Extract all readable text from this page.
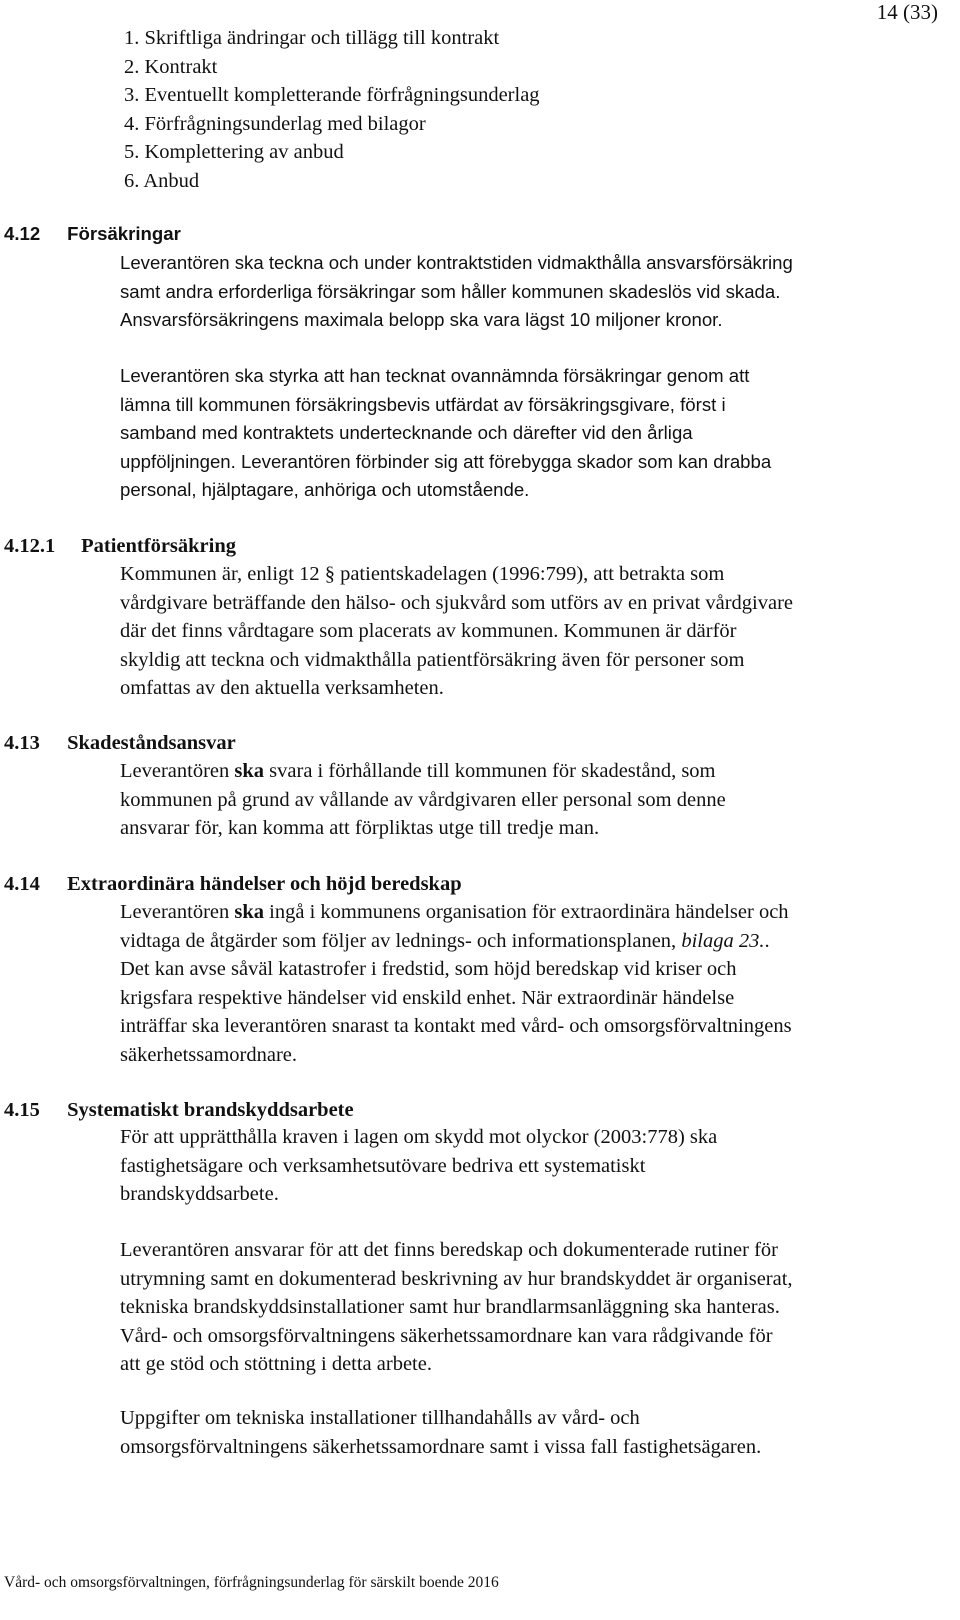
14 (33)
1. Skriftliga ändringar och tillägg till kontrakt
2. Kontrakt
3. Eventuellt kompletterande förfrågningsunderlag
4. Förfrågningsunderlag med bilagor
5. Komplettering av anbud
6. Anbud
4.12 Försäkringar
Leverantören ska teckna och under kontraktstiden vidmakthålla ansvarsförsäkring
samt andra erforderliga försäkringar som håller kommunen skadeslös vid skada.
Ansvarsförsäkringens maximala belopp ska vara lägst 10 miljoner kronor.
Leverantören ska styrka att han tecknat ovannämnda försäkringar genom att
lämna till kommunen försäkringsbevis utfärdat av försäkringsgivare, först i
samband med kontraktets undertecknande och därefter vid den årliga
uppföljningen. Leverantören förbinder sig att förebygga skador som kan drabba
personal, hjälptagare, anhöriga och utomstående.
4.12.1 Patientförsäkring
Kommunen är, enligt 12 § patientskadelagen (1996:799), att betrakta som
vårdgivare beträffande den hälso- och sjukvård som utförs av en privat vårdgivare
där det finns vårdtagare som placerats av kommunen. Kommunen är därför
skyldig att teckna och vidmakthålla patientförsäkring även för personer som
omfattas av den aktuella verksamheten.
4.13 Skadeståndsansvar
Leverantören ska svara i förhållande till kommunen för skadestånd, som
kommunen på grund av vållande av vårdgivaren eller personal som denne
ansvarar för, kan komma att förpliktas utge till tredje man.
4.14 Extraordinära händelser och höjd beredskap
Leverantören ska ingå i kommunens organisation för extraordinära händelser och
vidtaga de åtgärder som följer av lednings- och informationsplanen, bilaga 23..
Det kan avse såväl katastrofer i fredstid, som höjd beredskap vid kriser och
krigsfara respektive händelser vid enskild enhet. När extraordinär händelse
inträffar ska leverantören snarast ta kontakt med vård- och omsorgsförvaltningens
säkerhetssamordnare.
4.15 Systematiskt brandskyddsarbete
För att upprätthålla kraven i lagen om skydd mot olyckor (2003:778) ska
fastighetsägare och verksamhetsutövare bedriva ett systematiskt
brandskyddsarbete.
Leverantören ansvarar för att det finns beredskap och dokumenterade rutiner för
utrymning samt en dokumenterad beskrivning av hur brandskyddet är organiserat,
tekniska brandskyddsinstallationer samt hur brandlarmsanläggning ska hanteras.
Vård- och omsorgsförvaltningens säkerhetssamordnare kan vara rådgivande för
att ge stöd och stöttning i detta arbete.
Uppgifter om tekniska installationer tillhandahålls av vård- och
omsorgsförvaltningens säkerhetssamordnare samt i vissa fall fastighetsägaren.
Vård- och omsorgsförvaltningen, förfrågningsunderlag för särskilt boende 2016
